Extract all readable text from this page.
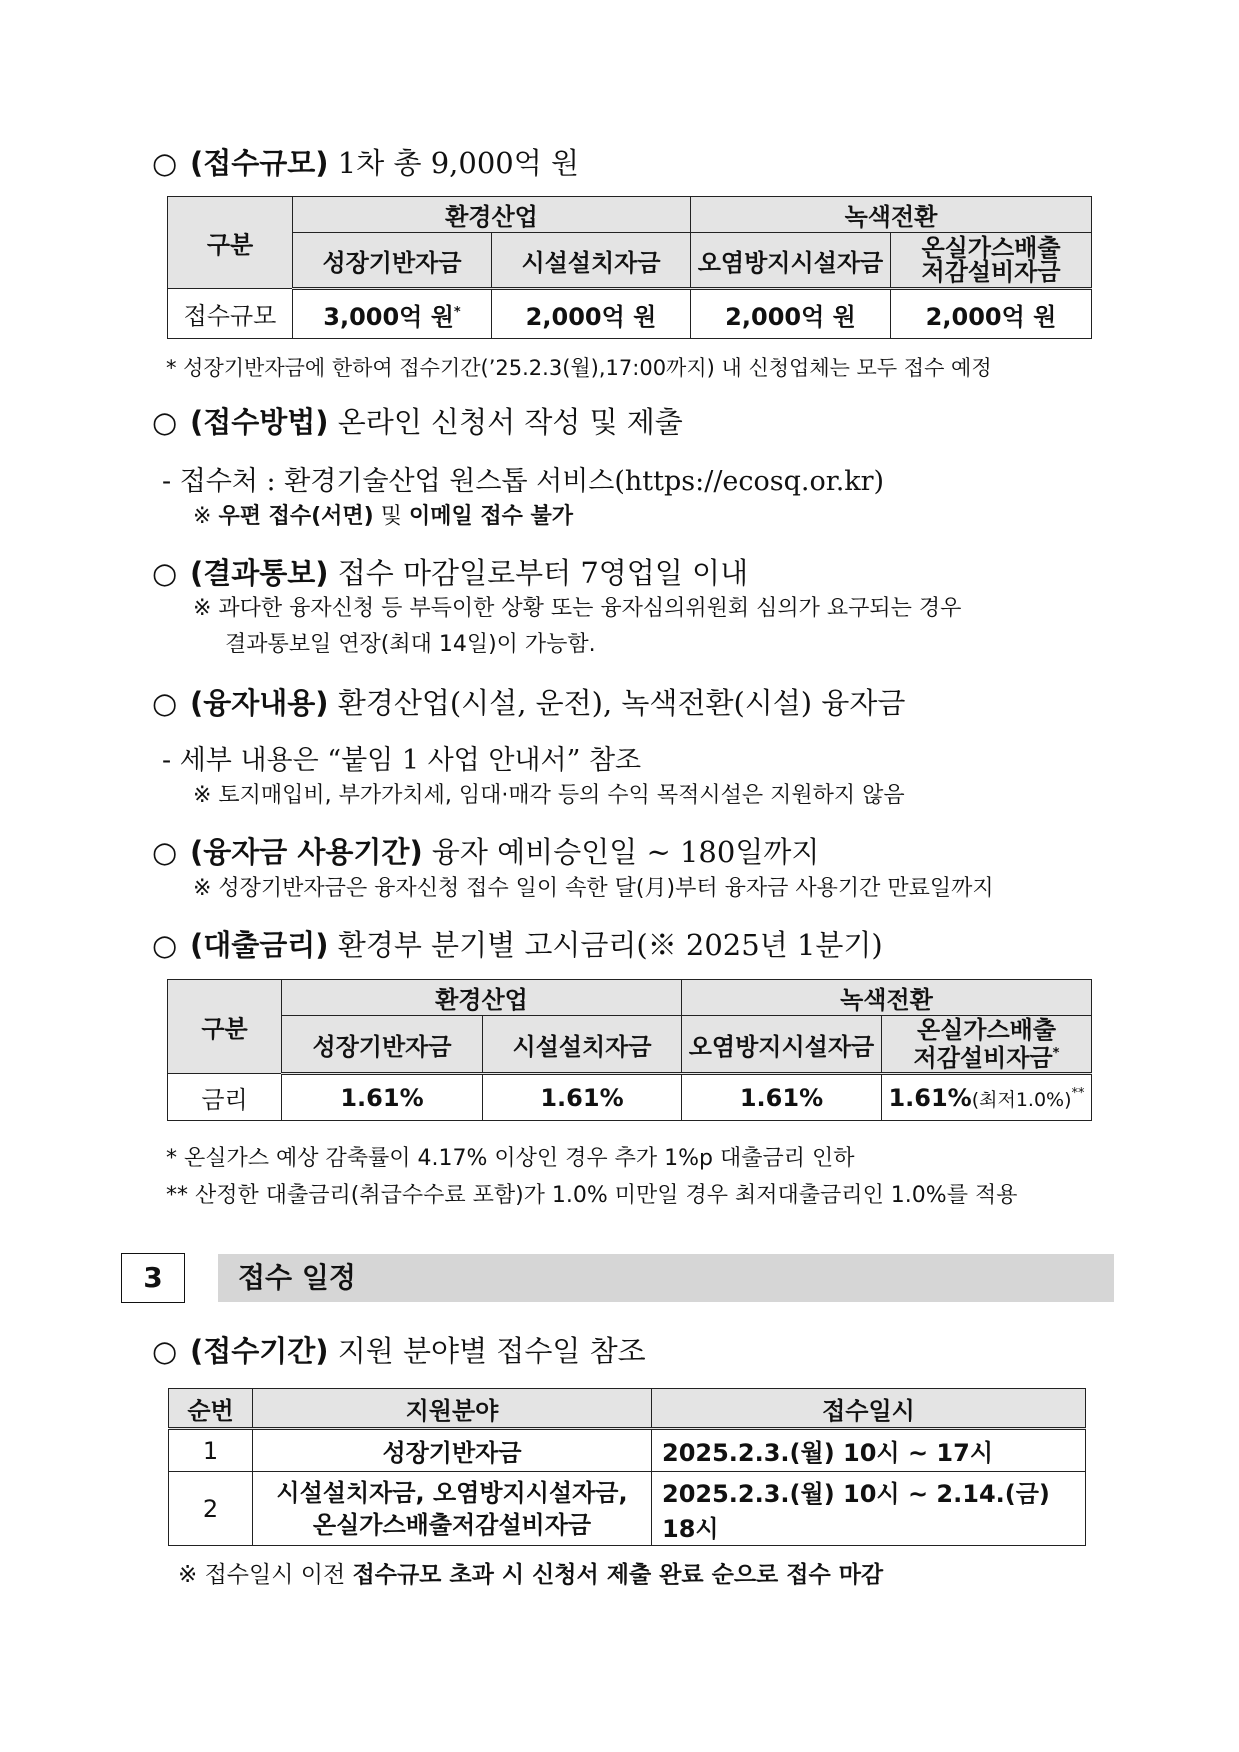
○ (접수규모) 1차 총 9,000억 원
구분	환경산업		녹색전환	
	성장기반자금	시설설치자금	오염방지시설자금	온실가스배출
저감설비자금
접수규모	3,000억 원*	2,000억 원	2,000억 원	2,000억 원
* 성장기반자금에 한하여 접수기간(’25.2.3(월),17:00까지) 내 신청업체는 모두 접수 예정
○ (접수방법) 온라인 신청서 작성 및 제출
- 접수처 : 환경기술산업 원스톱 서비스(https://ecosq.or.kr)
※ 우편 접수(서면) 및 이메일 접수 불가
○ (결과통보) 접수 마감일로부터 7영업일 이내
※ 과다한 융자신청 등 부득이한 상황 또는 융자심의위원회 심의가 요구되는 경우
결과통보일 연장(최대 14일)이 가능함.
○ (융자내용) 환경산업(시설, 운전), 녹색전환(시설) 융자금
- 세부 내용은 “붙임 1 사업 안내서” 참조
※ 토지매입비, 부가가치세, 임대·매각 등의 수익 목적시설은 지원하지 않음
○ (융자금 사용기간) 융자 예비승인일 ~ 180일까지
※ 성장기반자금은 융자신청 접수 일이 속한 달(月)부터 융자금 사용기간 만료일까지
○ (대출금리) 환경부 분기별 고시금리(※ 2025년 1분기)
구분	환경산업		녹색전환	
	성장기반자금	시설설치자금	오염방지시설자금	온실가스배출
저감설비자금*
금리	1.61%	1.61%	1.61%	1.61%(최저1.0%)**
* 온실가스 예상 감축률이 4.17% 이상인 경우 추가 1%p 대출금리 인하
** 산정한 대출금리(취급수수료 포함)가 1.0% 미만일 경우 최저대출금리인 1.0%를 적용
3	접수 일정
○ (접수기간) 지원 분야별 접수일 참조
순번	지원분야	접수일시
1	성장기반자금	2025.2.3.(월) 10시 ~ 17시
2	시설설치자금, 오염방지시설자금,
온실가스배출저감설비자금	2025.2.3.(월) 10시 ~ 2.14.(금) 18시
※ 접수일시 이전 접수규모 초과 시 신청서 제출 완료 순으로 접수 마감
